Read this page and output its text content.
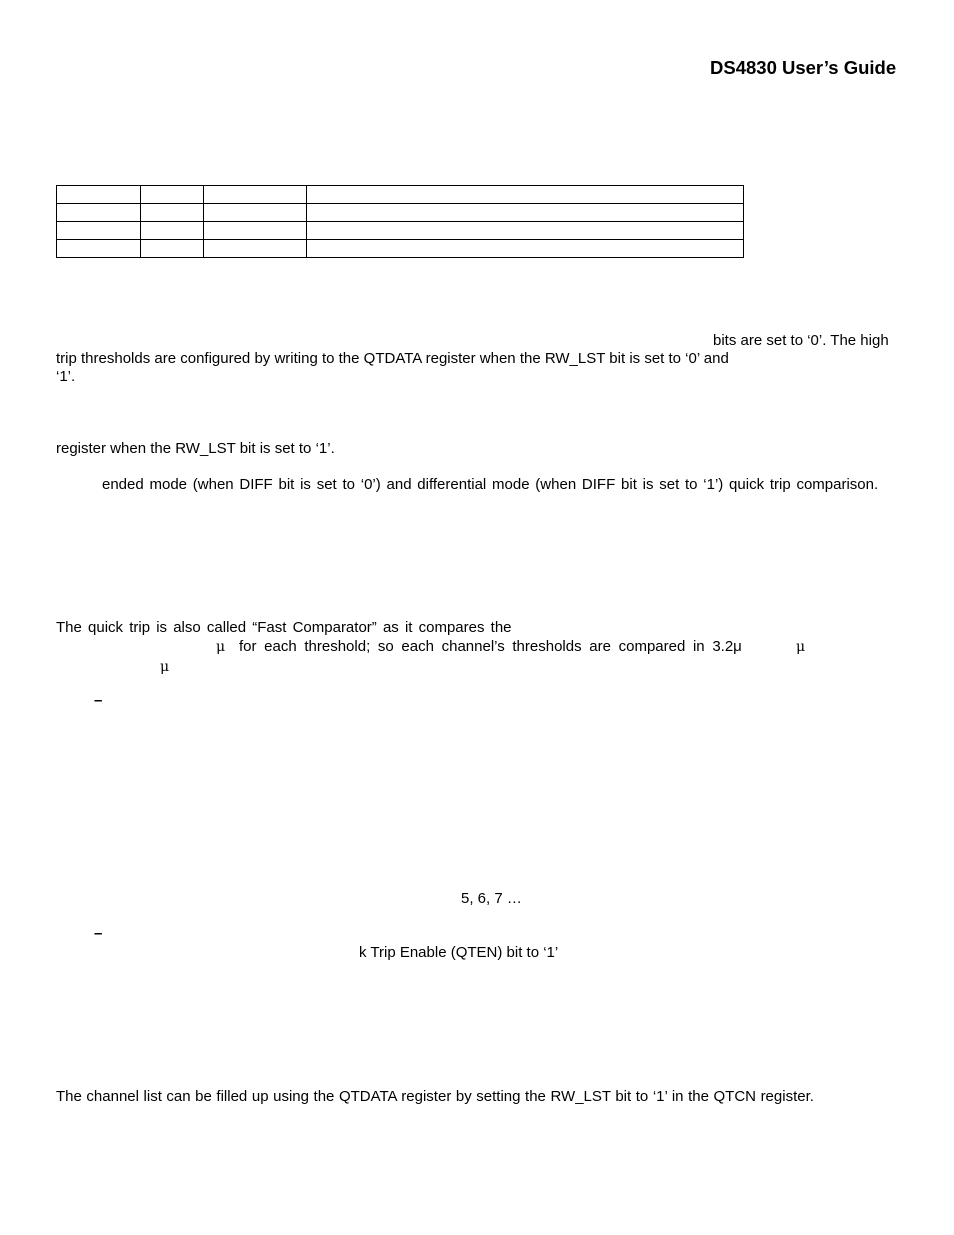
DS4830 User’s Guide

bits are set to ‘0’. The high
trip thresholds are configured by writing to the QTDATA register when the RW_LST bit is set to ‘0’ and
‘1’.
register when the RW_LST bit is set to ‘1’.
ended mode (when DIFF bit is set to ‘0’) and differential mode (when DIFF bit is set to ‘1’) quick trip comparison.
The quick trip is also called “Fast Comparator” as it compares the
μ for each threshold; so each channel’s thresholds are compared in 3.2μ	μ
μ
–
5, 6, 7 …
–
k Trip Enable (QTEN) bit to ‘1’
The channel list can be filled up using the QTDATA register by setting the RW_LST bit to ‘1’ in the QTCN register.
